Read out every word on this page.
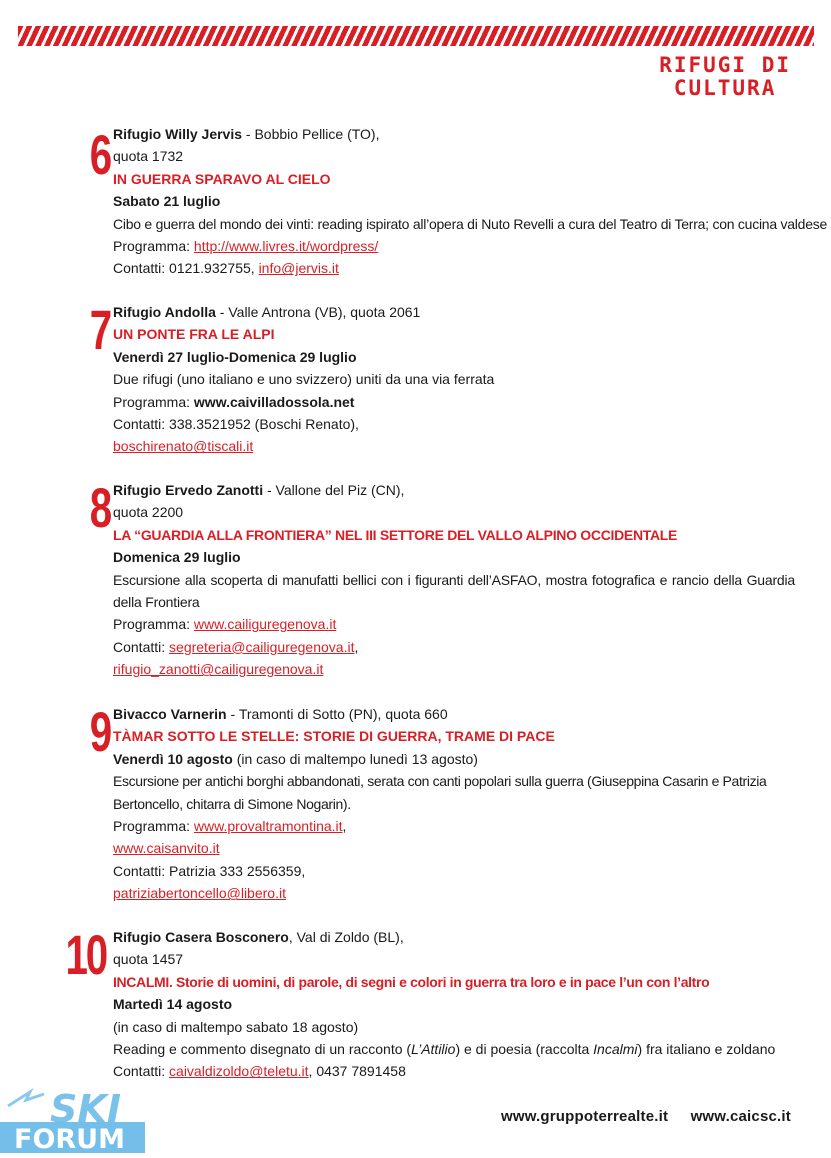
RIFUGI DI
CULTURA
6 Rifugio Willy Jervis - Bobbio Pellice (TO),
quota 1732
IN GUERRA SPARAVO AL CIELO
Sabato 21 luglio
Cibo e guerra del mondo dei vinti: reading ispirato all’opera di Nuto Revelli a cura del Teatro di Terra; con cucina valdese
Programma: http://www.livres.it/wordpress/
Contatti: 0121.932755, info@jervis.it
7 Rifugio Andolla - Valle Antrona (VB), quota 2061
UN PONTE FRA LE ALPI
Venerdì 27 luglio-Domenica 29 luglio
Due rifugi (uno italiano e uno svizzero) uniti da una via ferrata
Programma: www.caivilladossola.net
Contatti: 338.3521952 (Boschi Renato),
boschirenato@tiscali.it
8 Rifugio Ervedo Zanotti - Vallone del Piz (CN),
quota 2200
LA “GUARDIA ALLA FRONTIERA” NEL III SETTORE DEL VALLO ALPINO OCCIDENTALE
Domenica 29 luglio
Escursione alla scoperta di manufatti bellici con i figuranti dell’ASFAO, mostra fotografica e rancio della Guardia della Frontiera
Programma: www.cailiguregenova.it
Contatti: segreteria@cailiguregenova.it,
rifugio_zanotti@cailiguregenova.it
9 Bivacco Varnerin - Tramonti di Sotto (PN), quota 660
TÀMAR SOTTO LE STELLE: STORIE DI GUERRA, TRAME DI PACE
Venerdì 10 agosto (in caso di maltempo lunedì 13 agosto)
Escursione per antichi borghi abbandonati, serata con canti popolari sulla guerra (Giuseppina Casarin e Patrizia Bertoncello, chitarra di Simone Nogarin).
Programma: www.provaltramontina.it,
www.caisanvito.it
Contatti: Patrizia 333 2556359,
patriziabertoncello@libero.it
10 Rifugio Casera Bosconero, Val di Zoldo (BL),
quota 1457
INCALMI. Storie di uomini, di parole, di segni e colori in guerra tra loro e in pace l’un con l’altro
Martedì 14 agosto
(in caso di maltempo sabato 18 agosto)
Reading e commento disegnato di un racconto (L’Attilio) e di poesia (raccolta Incalmi) fra italiano e zoldano
Contatti: caivaldizoldo@teletu.it, 0437 7891458
www.gruppoterrealte.it www.caicsc.it
SKI
FORUM
